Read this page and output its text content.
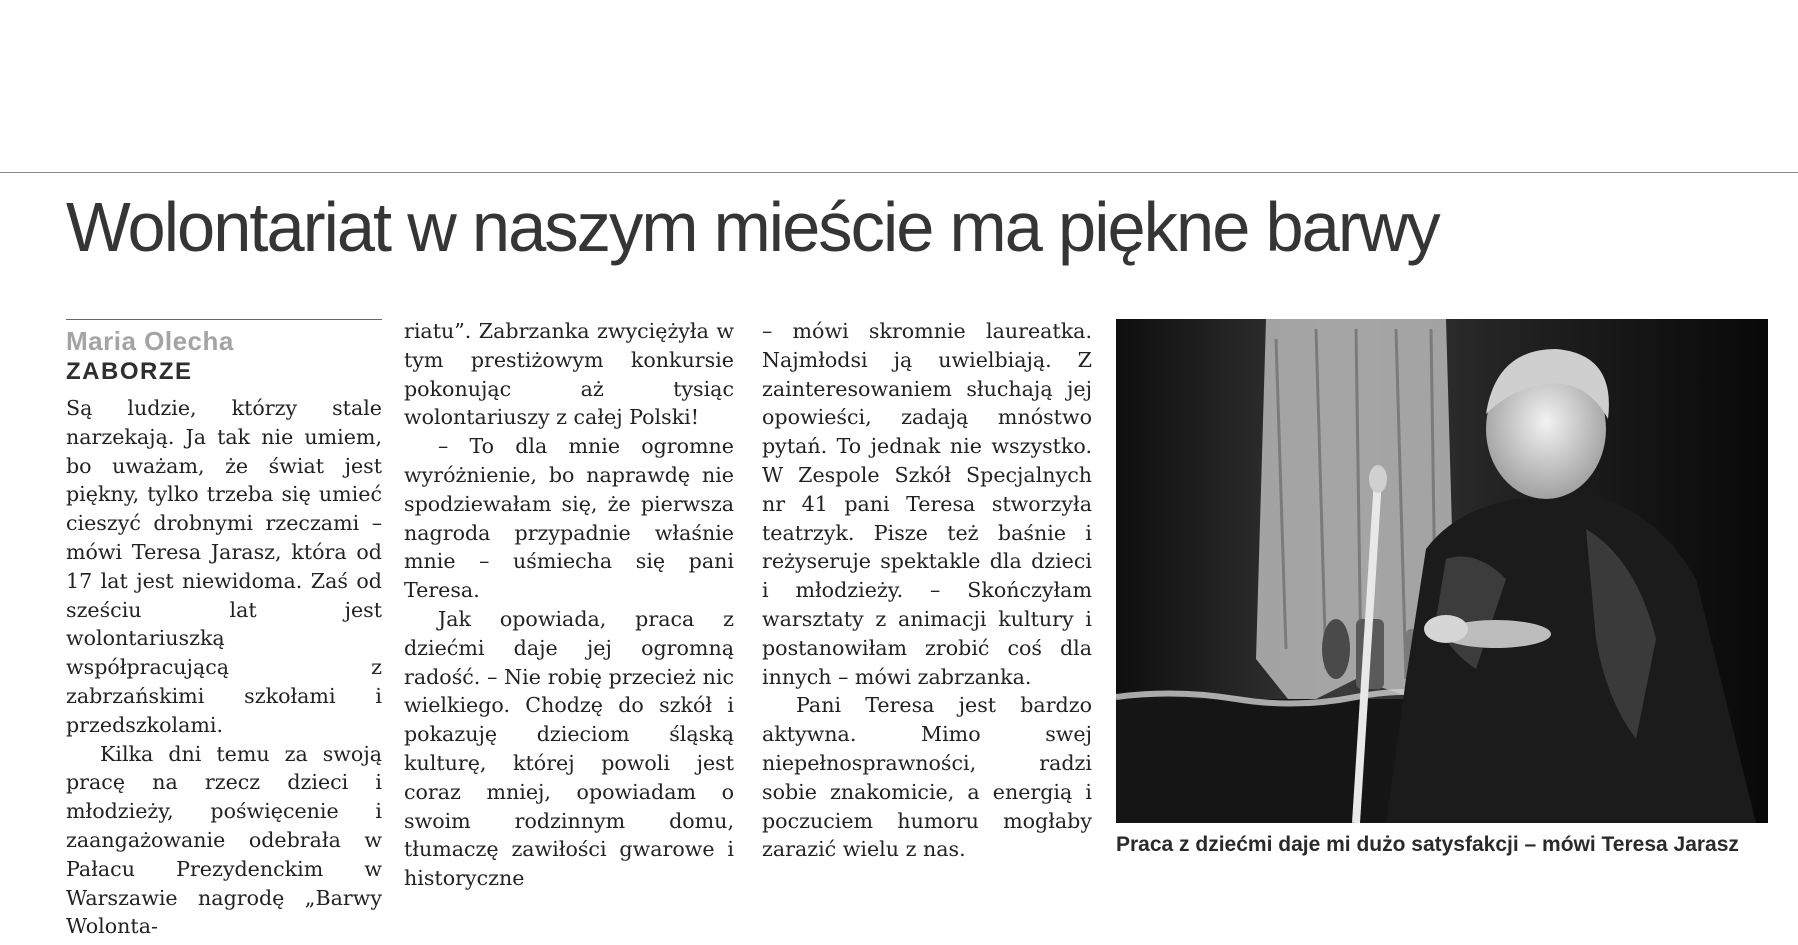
Wolontariat w naszym mieście ma piękne barwy
Maria Olecha
ZABORZE

Są ludzie, którzy stale narzekają. Ja tak nie umiem, bo uważam, że świat jest piękny, tylko trzeba się umieć cieszyć drobnymi rzeczami – mówi Teresa Jarasz, która od 17 lat jest niewidoma. Zaś od sześciu lat jest wolontariuszką współpracującą z zabrzańskimi szkołami i przedszkolami.

Kilka dni temu za swoją pracę na rzecz dzieci i młodzieży, poświęcenie i zaangażowanie odebrała w Pałacu Prezydenckim w Warszawie nagrodę „Barwy Wolonta-

riatu”. Zabrzanka zwyciężyła w tym prestiżowym konkursie pokonując aż tysiąc wolontariuszy z całej Polski!

– To dla mnie ogromne wyróżnienie, bo naprawdę nie spodziewałam się, że pierwsza nagroda przypadnie właśnie mnie – uśmiecha się pani Teresa.

Jak opowiada, praca z dziećmi daje jej ogromną radość. – Nie robię przecież nic wielkiego. Chodzę do szkół i pokazuję dzieciom śląską kulturę, której powoli jest coraz mniej, opowiadam o swoim rodzinnym domu, tłumaczę zawiłości gwarowe i historyczne

– mówi skromnie laureatka. Najmłodsi ją uwielbiają. Z zainteresowaniem słuchają jej opowieści, zadają mnóstwo pytań. To jednak nie wszystko. W Zespole Szkół Specjalnych nr 41 pani Teresa stworzyła teatrzyk. Pisze też baśnie i reżyseruje spektakle dla dzieci i młodzieży. – Skończyłam warsztaty z animacji kultury i postanowiłam zrobić coś dla innych – mówi zabrzanka.

Pani Teresa jest bardzo aktywna. Mimo swej niepełnosprawności, radzi sobie znakomicie, a energią i poczuciem humoru mogłaby zarazić wielu z nas.	Praca z dziećmi daje mi dużo satysfakcji – mówi Teresa Jarasz
